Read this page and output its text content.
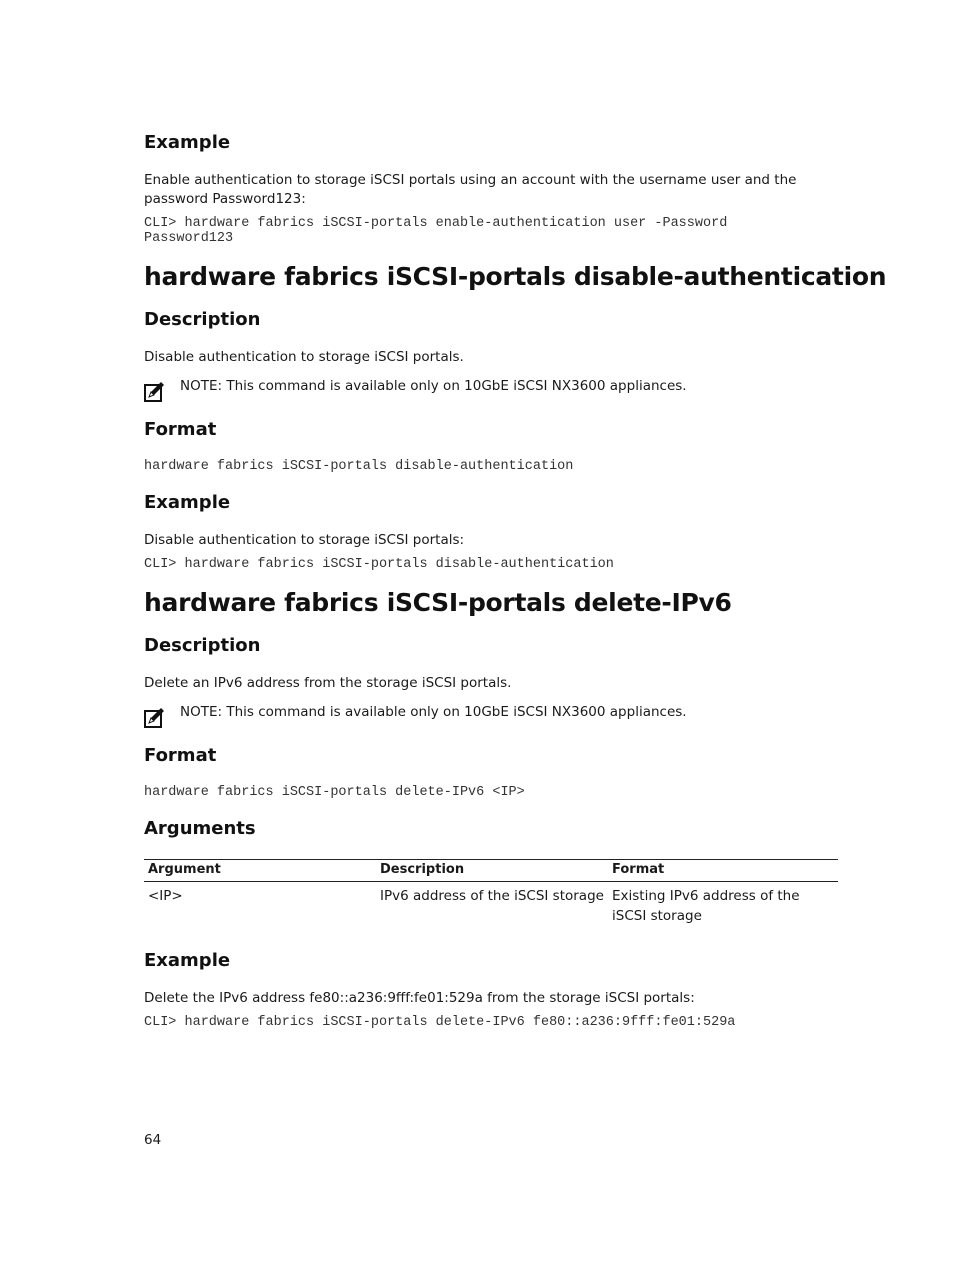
Example
Enable authentication to storage iSCSI portals using an account with the username user and the password Password123:
CLI> hardware fabrics iSCSI-portals enable-authentication user -Password
Password123
hardware fabrics iSCSI-portals disable-authentication
Description
Disable authentication to storage iSCSI portals.
NOTE: This command is available only on 10GbE iSCSI NX3600 appliances.
Format
hardware fabrics iSCSI-portals disable-authentication
Example
Disable authentication to storage iSCSI portals:
CLI> hardware fabrics iSCSI-portals disable-authentication
hardware fabrics iSCSI-portals delete-IPv6
Description
Delete an IPv6 address from the storage iSCSI portals.
NOTE: This command is available only on 10GbE iSCSI NX3600 appliances.
Format
hardware fabrics iSCSI-portals delete-IPv6 <IP>
Arguments
Argument	Description	Format
<IP>	IPv6 address of the iSCSI storage	Existing IPv6 address of the iSCSI storage
Example
Delete the IPv6 address fe80::a236:9fff:fe01:529a from the storage iSCSI portals:
CLI> hardware fabrics iSCSI-portals delete-IPv6 fe80::a236:9fff:fe01:529a
64
